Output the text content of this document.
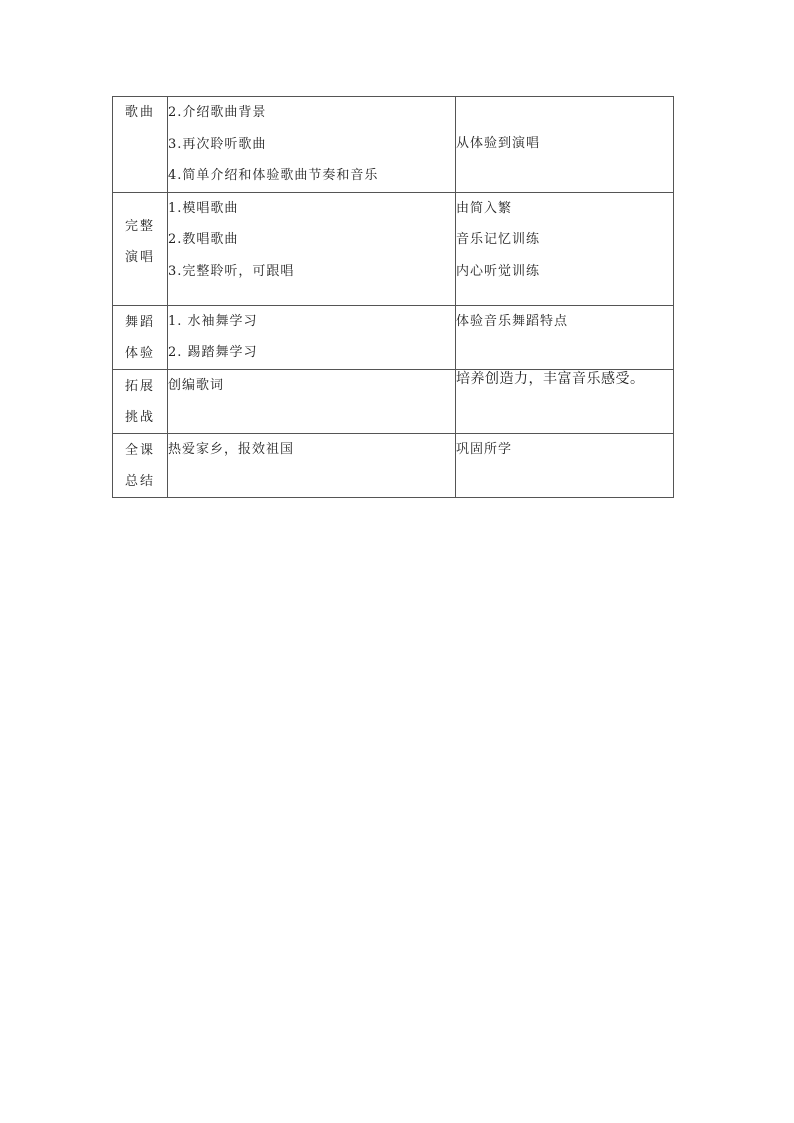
歌曲	2.介绍歌曲背景
3.再次聆听歌曲
4.简单介绍和体验歌曲节奏和音乐	从体验到演唱

完整
演唱	1.模唱歌曲
2.教唱歌曲
3.完整聆听，可跟唱	由简入繁
音乐记忆训练
内心听觉训练

舞蹈
体验	1. 水袖舞学习
2. 踢踏舞学习	体验音乐舞蹈特点

拓展
挑战	创编歌词	培养创造力，丰富音乐感受。

全课
总结	热爱家乡，报效祖国	巩固所学
